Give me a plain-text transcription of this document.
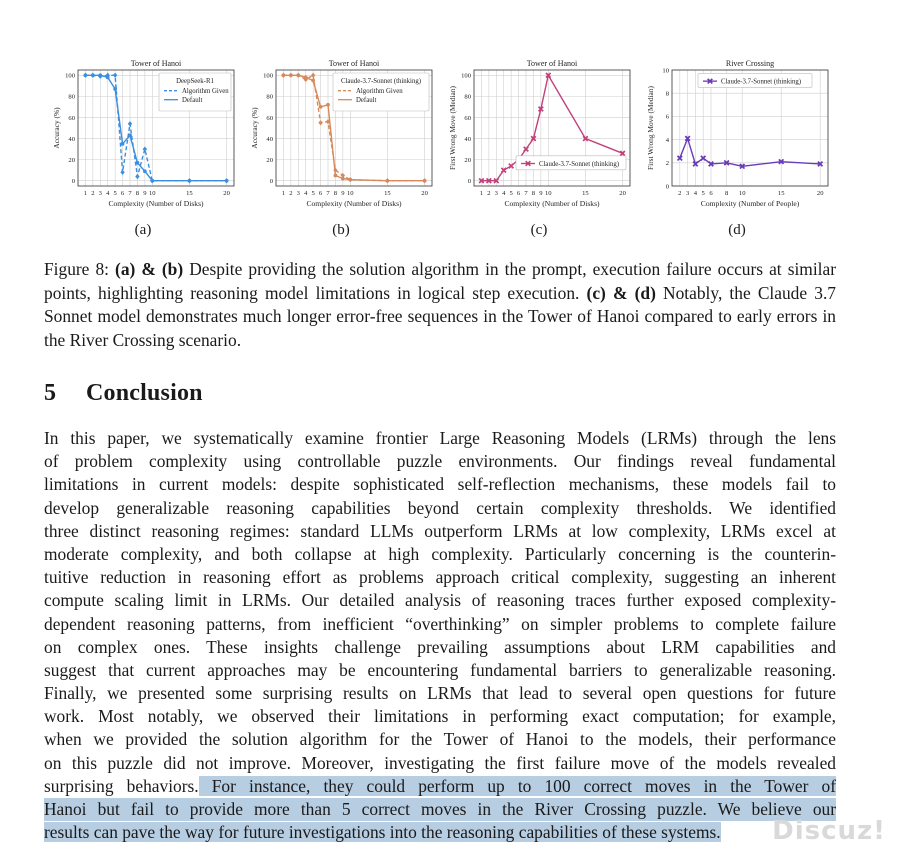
1 2 3 4 5 6 7 8 9 10	15	20
0
20
40
60
80
100
Tower of Hanoi
Complexity (Number of Disks)
Accuracy (%)
DeepSeek-R1
Algorithm Given
Default
(a)
1 2 3 4 5 6 7 8 9 10	15	20
0
20
40
60
80
100
Tower of Hanoi
Complexity (Number of Disks)
Accuracy (%)
Claude-3.7-Sonnet (thinking)
Algorithm Given
Default
(b)
1 2 3 4 5 6 7 8 9 10	15	20
0
20
40
60
80
100
Tower of Hanoi
Complexity (Number of Disks)
First Wrong Move (Median)	Claude-3.7-Sonnet (thinking)
(c)
2 3 4 5 6 8 10	15	20
0
2
4
6
8
10
River Crossing
Complexity (Number of People)
First Wrong Move (Median)
Claude-3.7-Sonnet (thinking)
(d)
Figure 8: (a) & (b) Despite providing the solution algorithm in the prompt, execution failure occurs at similar points, highlighting reasoning model limitations in logical step execution. (c) & (d) Notably, the Claude 3.7 Sonnet model demonstrates much longer error-free sequences in the Tower of Hanoi compared to early errors in the River Crossing scenario.
5 Conclusion
In this paper, we systematically examine frontier Large Reasoning Models (LRMs) through the lens
of problem complexity using controllable puzzle environments. Our findings reveal fundamental
limitations in current models: despite sophisticated self-reflection mechanisms, these models fail to
develop generalizable reasoning capabilities beyond certain complexity thresholds. We identified
three distinct reasoning regimes: standard LLMs outperform LRMs at low complexity, LRMs excel at
moderate complexity, and both collapse at high complexity. Particularly concerning is the counterin-
tuitive reduction in reasoning effort as problems approach critical complexity, suggesting an inherent
compute scaling limit in LRMs. Our detailed analysis of reasoning traces further exposed complexity-
dependent reasoning patterns, from inefficient “overthinking” on simpler problems to complete failure
on complex ones. These insights challenge prevailing assumptions about LRM capabilities and
suggest that current approaches may be encountering fundamental barriers to generalizable reasoning.
Finally, we presented some surprising results on LRMs that lead to several open questions for future
work. Most notably, we observed their limitations in performing exact computation; for example,
when we provided the solution algorithm for the Tower of Hanoi to the models, their performance
on this puzzle did not improve. Moreover, investigating the first failure move of the models revealed
surprising behaviors. For instance, they could perform up to 100 correct moves in the Tower of
Hanoi but fail to provide more than 5 correct moves in the River Crossing puzzle. We believe our
results can pave the way for future investigations into the reasoning capabilities of these systems.	Discuz!
